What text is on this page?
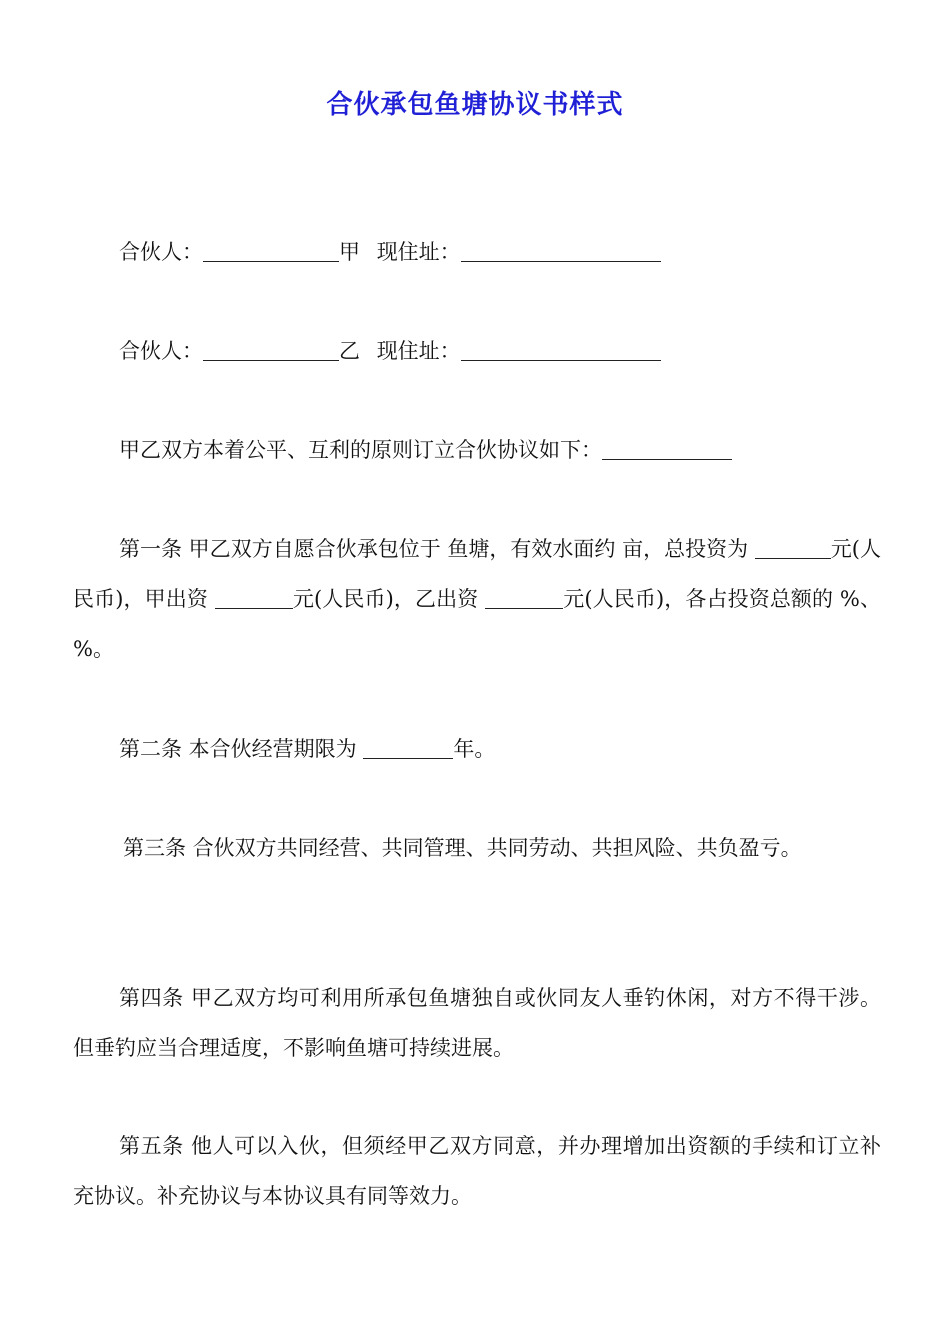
合伙承包鱼塘协议书样式

合伙人：	甲 现住址：

合伙人：	乙 现住址：

甲乙双方本着公平、互利的原则订立合伙协议如下：

第一条 甲乙双方自愿合伙承包位于 鱼塘，有效水面约 亩，总投资为	元(人民币)，甲出资	元(人民币)，乙出资	元(人民币)，各占投资总额的 %、 %。

第二条 本合伙经营期限为	年。

第三条 合伙双方共同经营、共同管理、共同劳动、共担风险、共负盈亏。

第四条 甲乙双方均可利用所承包鱼塘独自或伙同友人垂钓休闲，对方不得干涉。但垂钓应当合理适度，不影响鱼塘可持续进展。

第五条 他人可以入伙，但须经甲乙双方同意，并办理增加出资额的手续和订立补充协议。补充协议与本协议具有同等效力。
